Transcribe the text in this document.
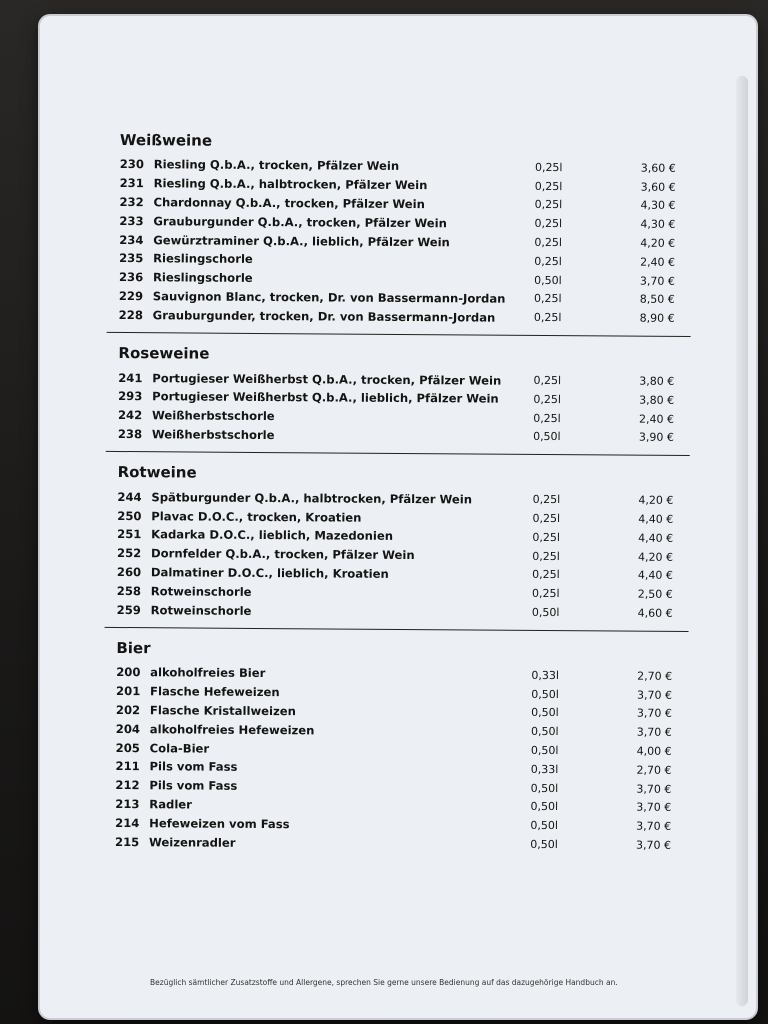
Weißweine
230 Riesling Q.b.A., trocken, Pfälzer Wein	0,25l	3,60 €
231 Riesling Q.b.A., halbtrocken, Pfälzer Wein	0,25l	3,60 €
232 Chardonnay Q.b.A., trocken, Pfälzer Wein	0,25l	4,30 €
233 Grauburgunder Q.b.A., trocken, Pfälzer Wein	0,25l	4,30 €
234 Gewürztraminer Q.b.A., lieblich, Pfälzer Wein	0,25l	4,20 €
235 Rieslingschorle	0,25l	2,40 €
236 Rieslingschorle	0,50l	3,70 €
229 Sauvignon Blanc, trocken, Dr. von Bassermann-Jordan	0,25l	8,50 €
228 Grauburgunder, trocken, Dr. von Bassermann-Jordan	0,25l	8,90 €
Roseweine
241 Portugieser Weißherbst Q.b.A., trocken, Pfälzer Wein	0,25l	3,80 €
293 Portugieser Weißherbst Q.b.A., lieblich, Pfälzer Wein	0,25l	3,80 €
242 Weißherbstschorle	0,25l	2,40 €
238 Weißherbstschorle	0,50l	3,90 €
Rotweine
244 Spätburgunder Q.b.A., halbtrocken, Pfälzer Wein	0,25l	4,20 €
250 Plavac D.O.C., trocken, Kroatien	0,25l	4,40 €
251 Kadarka D.O.C., lieblich, Mazedonien	0,25l	4,40 €
252 Dornfelder Q.b.A., trocken, Pfälzer Wein	0,25l	4,20 €
260 Dalmatiner D.O.C., lieblich, Kroatien	0,25l	4,40 €
258 Rotweinschorle	0,25l	2,50 €
259 Rotweinschorle	0,50l	4,60 €
Bier
200 alkoholfreies Bier	0,33l	2,70 €
201 Flasche Hefeweizen	0,50l	3,70 €
202 Flasche Kristallweizen	0,50l	3,70 €
204 alkoholfreies Hefeweizen	0,50l	3,70 €
205 Cola-Bier	0,50l	4,00 €
211 Pils vom Fass	0,33l	2,70 €
212 Pils vom Fass	0,50l	3,70 €
213 Radler	0,50l	3,70 €
214 Hefeweizen vom Fass	0,50l	3,70 €
215 Weizenradler	0,50l	3,70 €
Bezüglich sämtlicher Zusatzstoffe und Allergene, sprechen Sie gerne unsere Bedienung auf das dazugehörige Handbuch an.
